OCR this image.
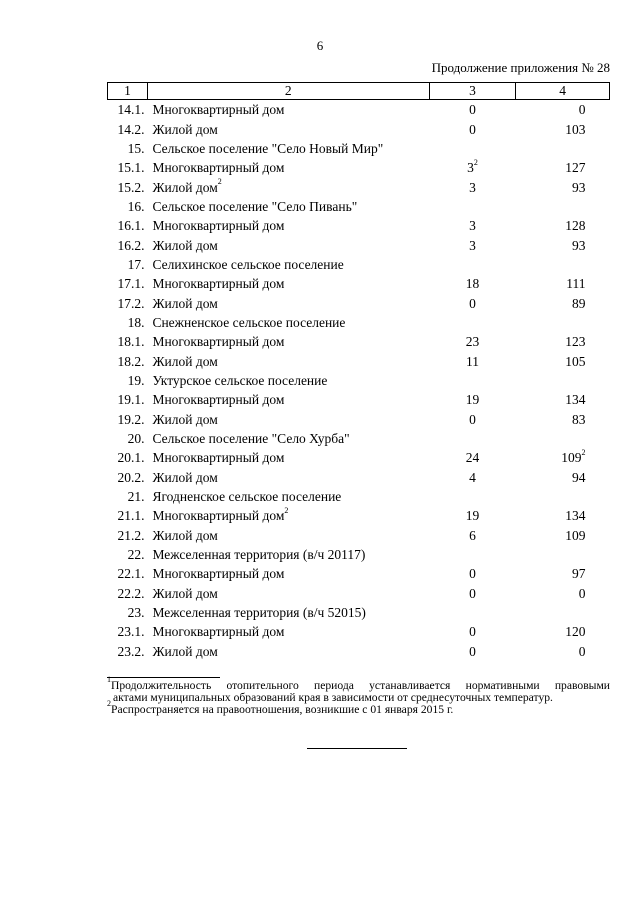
6
Продолжение приложения № 28
1	2	3	4
14.1.	Многоквартирный дом	0	0
14.2.	Жилой дом	0	103
15.	Сельское поселение "Село Новый Мир"		
15.1.	Многоквартирный дом	$3^2$	127
15.2.	Жилой дом$^2$	3	93
16.	Сельское поселение "Село Пивань"		
16.1.	Многоквартирный дом	3	128
16.2.	Жилой дом	3	93
17.	Селихинское сельское поселение		
17.1.	Многоквартирный дом	18	111
17.2.	Жилой дом	0	89
18.	Снежненское сельское поселение		
18.1.	Многоквартирный дом	23	123
18.2.	Жилой дом	11	105
19.	Уктурское сельское поселение		
19.1.	Многоквартирный дом	19	134
19.2.	Жилой дом	0	83
20.	Сельское поселение "Село Хурба"		
20.1.	Многоквартирный дом	24	$109^2$
20.2.	Жилой дом	4	94
21.	Ягодненское сельское поселение		
21.1.	Многоквартирный дом$^2$	19	134
21.2.	Жилой дом	6	109
22.	Межселенная территория (в/ч 20117)		
22.1.	Многоквартирный дом	0	97
22.2.	Жилой дом	0	0
23.	Межселенная территория (в/ч 52015)		
23.1.	Многоквартирный дом	0	120
23.2.	Жилой дом	0	0

$^1$Продолжительность отопительного периода устанавливается нормативными правовыми

актами муниципальных образований края в зависимости от среднесуточных температур.

$^2$Распространяется на правоотношения, возникшие с 01 января 2015 г.
